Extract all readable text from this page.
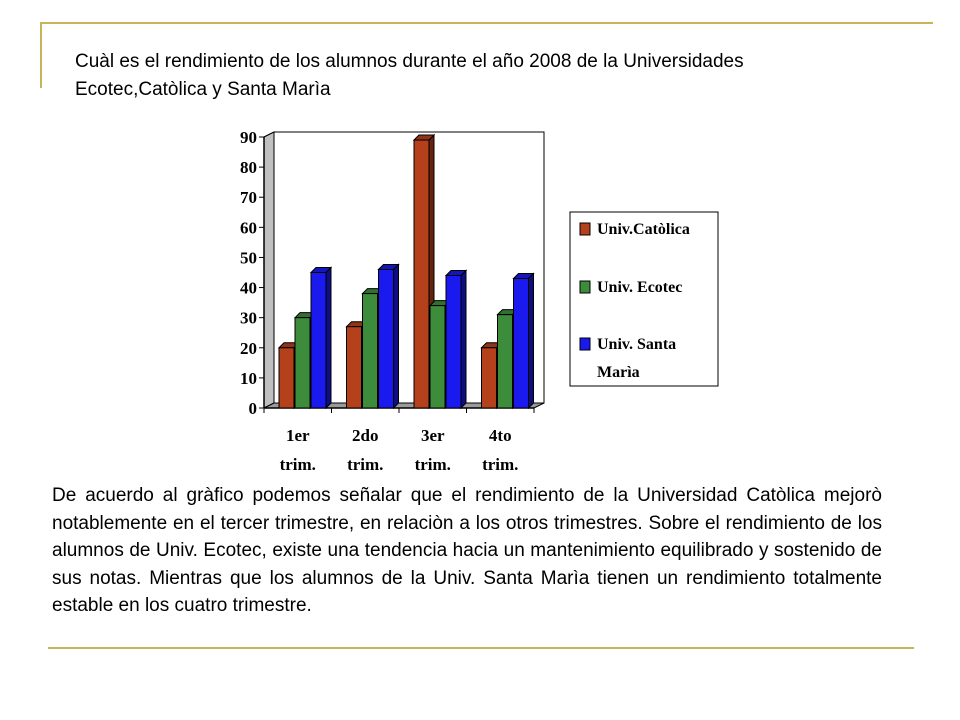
Cuàl es el rendimiento de los alumnos durante el año 2008 de la Universidades Ecotec,Catòlica y Santa Marìa
0
10
20
30
40
50
60
70
80
90
1er
trim.
2do
trim.
3er
trim.
4to
trim.
Univ.Catòlica
Univ. Ecotec
Univ. Santa
Marìa

De acuerdo al gràfico podemos señalar que el rendimiento de la Universidad Catòlica mejorò notablemente en el tercer trimestre, en relaciòn a los otros trimestres. Sobre el rendimiento de los alumnos de Univ. Ecotec, existe una tendencia hacia un mantenimiento equilibrado y sostenido de sus notas. Mientras que los alumnos de la Univ. Santa Marìa tienen un rendimiento totalmente estable en los cuatro trimestre.
